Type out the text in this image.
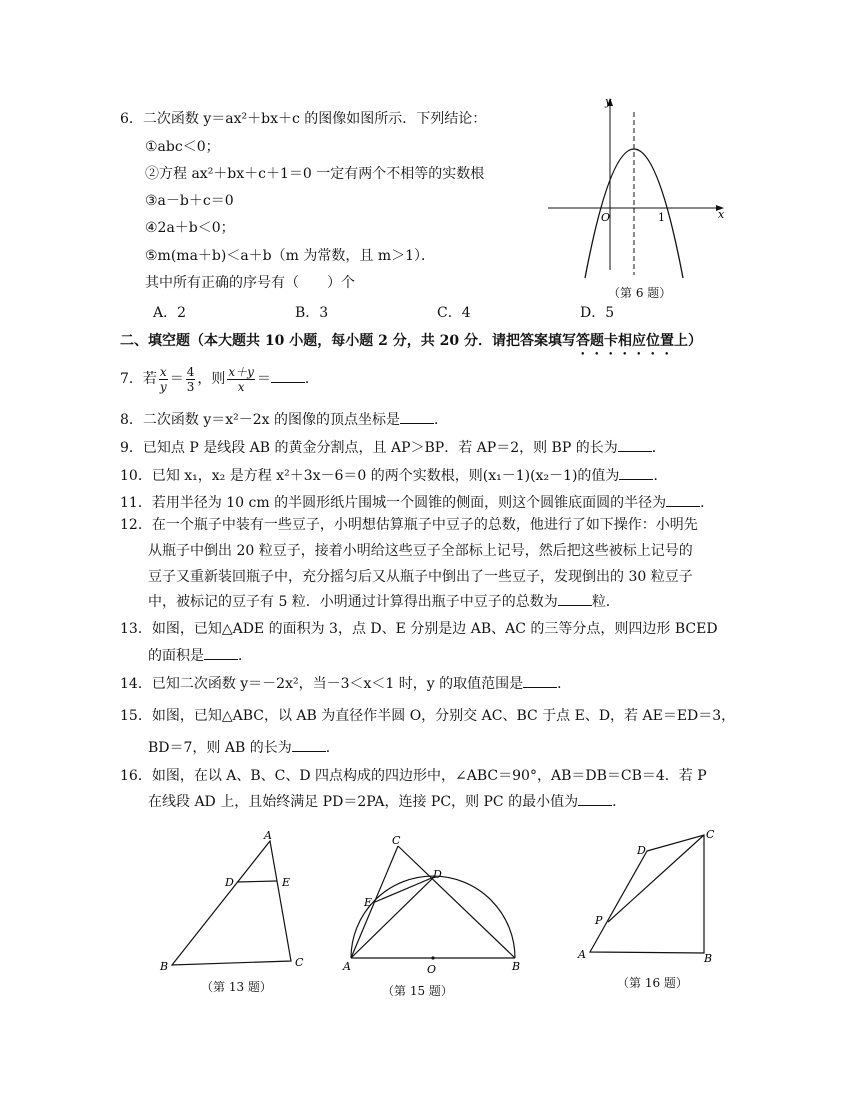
6．二次函数 y＝ax²＋bx＋c 的图像如图所示．下列结论：
①abc＜0；
②方程 ax²＋bx＋c＋1＝0 一定有两个不相等的实数根
③a－b＋c＝0
④2a＋b＜0；
⑤m(ma＋b)＜a＋b（m 为常数，且 m＞1）．
其中所有正确的序号有（　　）个
A．2	B．3	C．4	D．5
y
x
O	1
（第 6 题）
二、填空题（本大题共 10 小题，每小题 2 分，共 20 分．请把答案填写答题卡相应位置上）
7．若 $\frac{x}{y} = \frac{4}{3}$ ，则 $\frac{x+y}{x}$ ＝ ．
8．二次函数 y＝x²－2x 的图像的顶点坐标是 ．
9．已知点 P 是线段 AB 的黄金分割点，且 AP＞BP．若 AP＝2，则 BP 的长为 ．
10．已知 x₁，x₂ 是方程 x²＋3x－6＝0 的两个实数根，则(x₁－1)(x₂－1)的值为 ．
11．若用半径为 10 cm 的半圆形纸片围城一个圆锥的侧面，则这个圆锥底面圆的半径为 ．
12．在一个瓶子中装有一些豆子，小明想估算瓶子中豆子的总数，他进行了如下操作：小明先
从瓶子中倒出 20 粒豆子，接着小明给这些豆子全部标上记号，然后把这些被标上记号的
豆子又重新装回瓶子中，充分摇匀后又从瓶子中倒出了一些豆子，发现倒出的 30 粒豆子
中，被标记的豆子有 5 粒．小明通过计算得出瓶子中豆子的总数为 粒．
13．如图，已知△ADE 的面积为 3，点 D、E 分别是边 AB、AC 的三等分点，则四边形 BCED
的面积是 ．
14．已知二次函数 y＝－2x²，当－3＜x＜1 时，y 的取值范围是 ．
15．如图，已知△ABC，以 AB 为直径作半圆 O，分别交 AC、BC 于点 E、D，若 AE＝ED＝3，
BD＝7，则 AB 的长为 ．
16．如图，在以 A、B、C、D 四点构成的四边形中，∠ABC＝90°，AB＝DB＝CB＝4．若 P
在线段 AD 上，且始终满足 PD＝2PA，连接 PC，则 PC 的最小值为 ．
A
B	C
D	E
（第 13 题）
A	B
C
D
E
O
（第 15 题）
A	B
C
D
P
（第 16 题）
